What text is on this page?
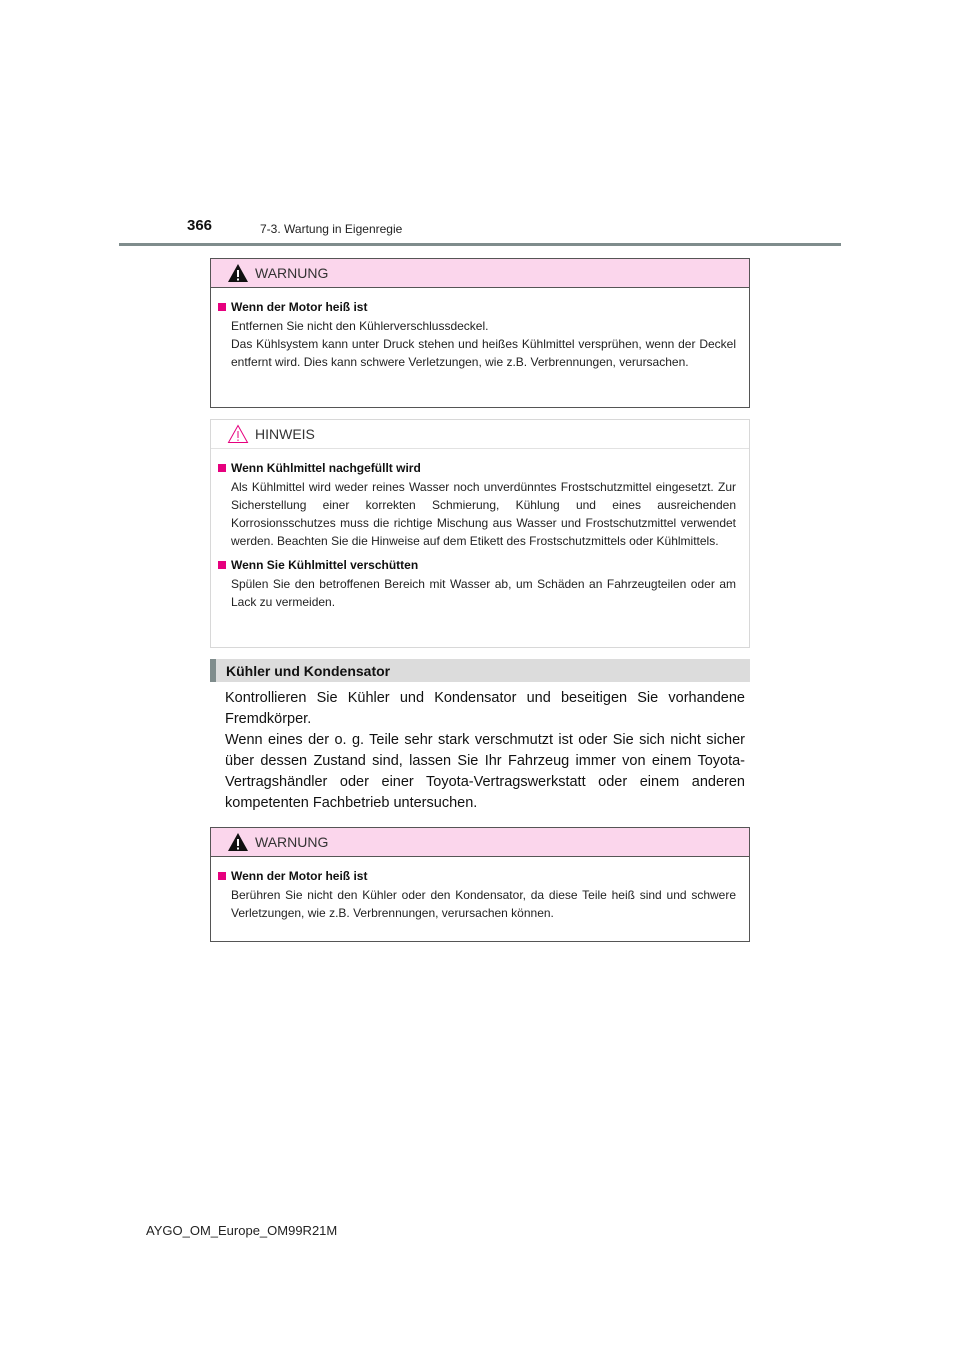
366	7-3. Wartung in Eigenregie
WARNUNG
Wenn der Motor heiß ist
Entfernen Sie nicht den Kühlerverschlussdeckel.
Das Kühlsystem kann unter Druck stehen und heißes Kühlmittel versprühen, wenn der Deckel entfernt wird. Dies kann schwere Verletzungen, wie z.B. Verbrennungen, verursachen.
HINWEIS
Wenn Kühlmittel nachgefüllt wird
Als Kühlmittel wird weder reines Wasser noch unverdünntes Frostschutzmittel eingesetzt. Zur Sicherstellung einer korrekten Schmierung, Kühlung und eines ausreichenden Korrosionsschutzes muss die richtige Mischung aus Wasser und Frostschutzmittel verwendet werden. Beachten Sie die Hinweise auf dem Etikett des Frostschutzmittels oder Kühlmittels.
Wenn Sie Kühlmittel verschütten
Spülen Sie den betroffenen Bereich mit Wasser ab, um Schäden an Fahrzeugteilen oder am Lack zu vermeiden.
Kühler und Kondensator

Kontrollieren Sie Kühler und Kondensator und beseitigen Sie vorhandene Fremdkörper.

Wenn eines der o. g. Teile sehr stark verschmutzt ist oder Sie sich nicht sicher über dessen Zustand sind, lassen Sie Ihr Fahrzeug immer von einem Toyota-Vertragshändler oder einer Toyota-Vertragswerkstatt oder einem anderen kompetenten Fachbetrieb untersuchen.

WARNUNG
Wenn der Motor heiß ist
Berühren Sie nicht den Kühler oder den Kondensator, da diese Teile heiß sind und schwere Verletzungen, wie z.B. Verbrennungen, verursachen können.
AYGO_OM_Europe_OM99R21M
